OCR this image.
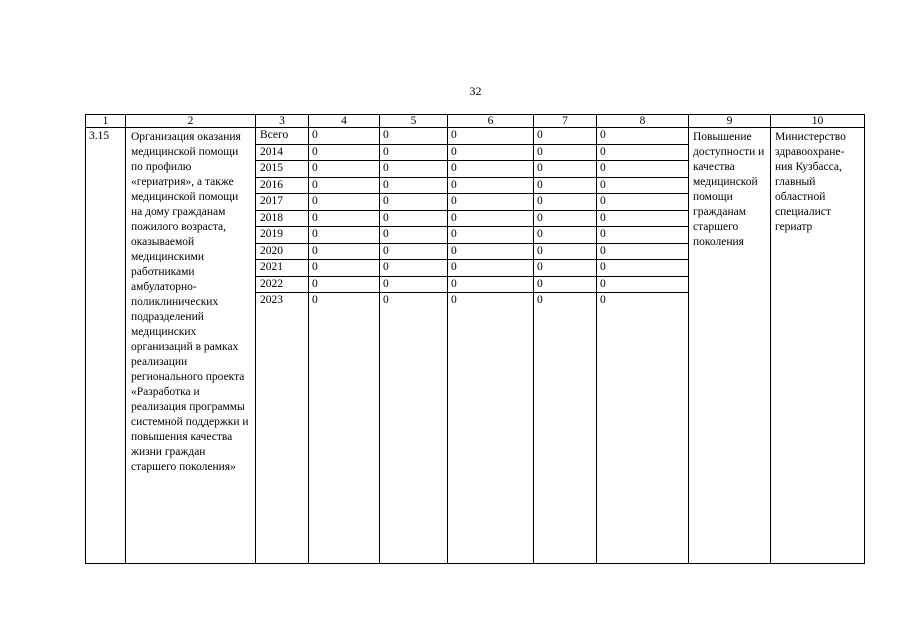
32
1	2	3	4	5	6	7	8	9	10
3.15	Организация оказания медицинской помощи по профилю «гериатрия», а также медицинской помощи на дому гражданам пожилого возраста, оказываемой медицинскими работниками амбулаторно-поликлинических подразделений медицинских организаций в рамках реализации регионального проекта «Разработка и реализация программы системной поддержки и повышения качества жизни граждан старшего поколения»	Всего	0	0	0	0	0	Повышение доступности и качества медицинской помощи гражданам старшего поколения	Министерство здравоохране-ния Кузбасса, главный областной специалист гериатр
		2014	0	0	0	0	0		
		2015	0	0	0	0	0		
		2016	0	0	0	0	0		
		2017	0	0	0	0	0		
		2018	0	0	0	0	0		
		2019	0	0	0	0	0		
		2020	0	0	0	0	0		
		2021	0	0	0	0	0		
		2022	0	0	0	0	0		
		2023	0	0	0	0	0		
